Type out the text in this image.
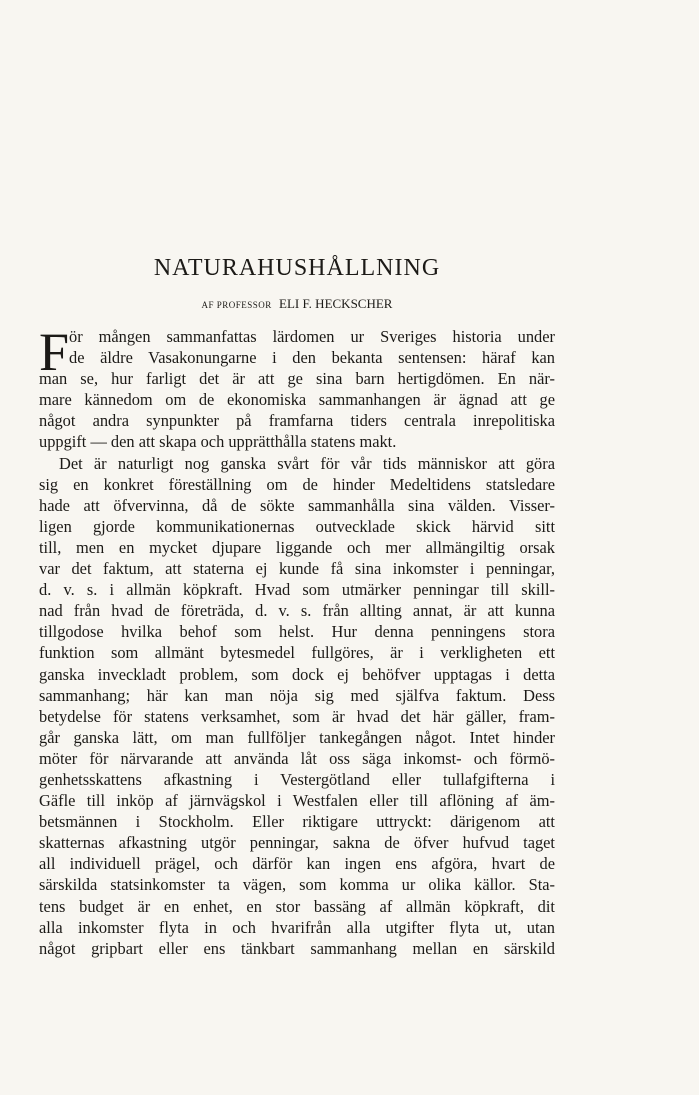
NATURAHUSHÅLLNING
AF PROFESSOR ELI F. HECKSCHER
F ör mången sammanfattas lärdomen ur Sveriges historia under
de äldre Vasakonungarne i den bekanta sentensen: häraf kan
man se, hur farligt det är att ge sina barn hertigdömen. En när-
mare kännedom om de ekonomiska sammanhangen är ägnad att ge
något andra synpunkter på framfarna tiders centrala inrepolitiska
uppgift — den att skapa och upprätthålla statens makt.
Det är naturligt nog ganska svårt för vår tids människor att göra
sig en konkret föreställning om de hinder Medeltidens statsledare
hade att öfvervinna, då de sökte sammanhålla sina välden. Visser-
ligen gjorde kommunikationernas outvecklade skick härvid sitt
till, men en mycket djupare liggande och mer allmängiltig orsak
var det faktum, att staterna ej kunde få sina inkomster i penningar,
d. v. s. i allmän köpkraft. Hvad som utmärker penningar till skill-
nad från hvad de företräda, d. v. s. från allting annat, är att kunna
tillgodose hvilka behof som helst. Hur denna penningens stora
funktion som allmänt bytesmedel fullgöres, är i verkligheten ett
ganska inveckladt problem, som dock ej behöfver upptagas i detta
sammanhang; här kan man nöja sig med själfva faktum. Dess
betydelse för statens verksamhet, som är hvad det här gäller, fram-
går ganska lätt, om man fullföljer tankegången något. Intet hinder
möter för närvarande att använda låt oss säga inkomst- och förmö-
genhetsskattens afkastning i Vestergötland eller tullafgifterna i
Gäfle till inköp af järnvägskol i Westfalen eller till aflöning af äm-
betsmännen i Stockholm. Eller riktigare uttryckt: därigenom att
skatternas afkastning utgör penningar, sakna de öfver hufvud taget
all individuell prägel, och därför kan ingen ens afgöra, hvart de
särskilda statsinkomster ta vägen, som komma ur olika källor. Sta-
tens budget är en enhet, en stor bassäng af allmän köpkraft, dit
alla inkomster flyta in och hvarifrån alla utgifter flyta ut, utan
något gripbart eller ens tänkbart sammanhang mellan en särskild
